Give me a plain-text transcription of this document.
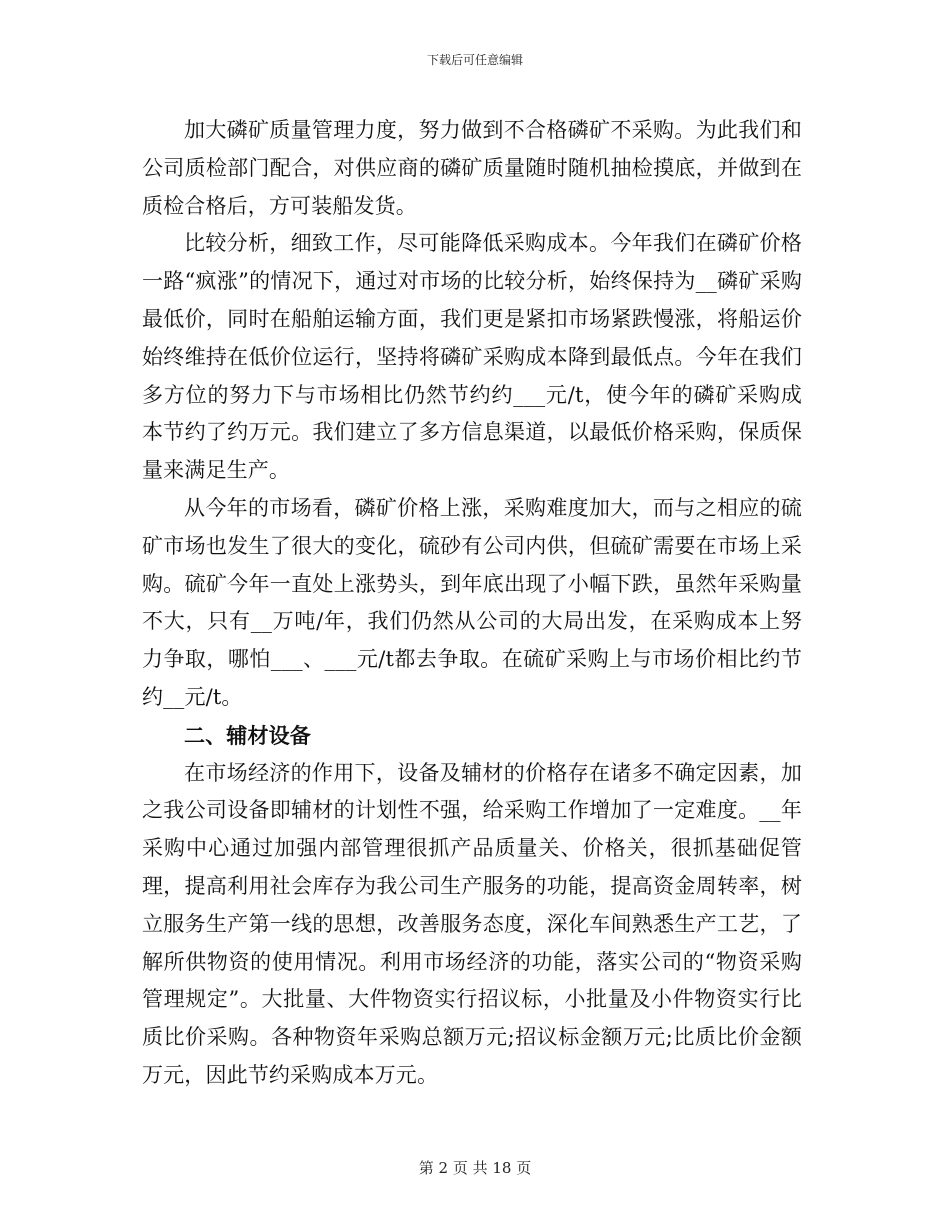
下载后可任意编辑

加大磷矿质量管理力度，努力做到不合格磷矿不采购。为此我们和公司质检部门配合，对供应商的磷矿质量随时随机抽检摸底，并做到在质检合格后，方可装船发货。

比较分析，细致工作，尽可能降低采购成本。今年我们在磷矿价格一路“疯涨”的情况下，通过对市场的比较分析，始终保持为__磷矿采购最低价，同时在船舶运输方面，我们更是紧扣市场紧跌慢涨，将船运价始终维持在低价位运行，坚持将磷矿采购成本降到最低点。今年在我们多方位的努力下与市场相比仍然节约约___元/t，使今年的磷矿采购成本节约了约万元。我们建立了多方信息渠道，以最低价格采购，保质保量来满足生产。

从今年的市场看，磷矿价格上涨，采购难度加大，而与之相应的硫矿市场也发生了很大的变化，硫砂有公司内供，但硫矿需要在市场上采购。硫矿今年一直处上涨势头，到年底出现了小幅下跌，虽然年采购量不大，只有__万吨/年，我们仍然从公司的大局出发，在采购成本上努力争取，哪怕___、___元/t都去争取。在硫矿采购上与市场价相比约节约__元/t。

二、辅材设备

在市场经济的作用下，设备及辅材的价格存在诸多不确定因素，加之我公司设备即辅材的计划性不强，给采购工作增加了一定难度。__年采购中心通过加强内部管理很抓产品质量关、价格关，很抓基础促管理，提高利用社会库存为我公司生产服务的功能，提高资金周转率，树立服务生产第一线的思想，改善服务态度，深化车间熟悉生产工艺，了解所供物资的使用情况。利用市场经济的功能，落实公司的“物资采购管理规定”。大批量、大件物资实行招议标，小批量及小件物资实行比质比价采购。各种物资年采购总额万元;招议标金额万元;比质比价金额万元，因此节约采购成本万元。

第 2 页 共 18 页
